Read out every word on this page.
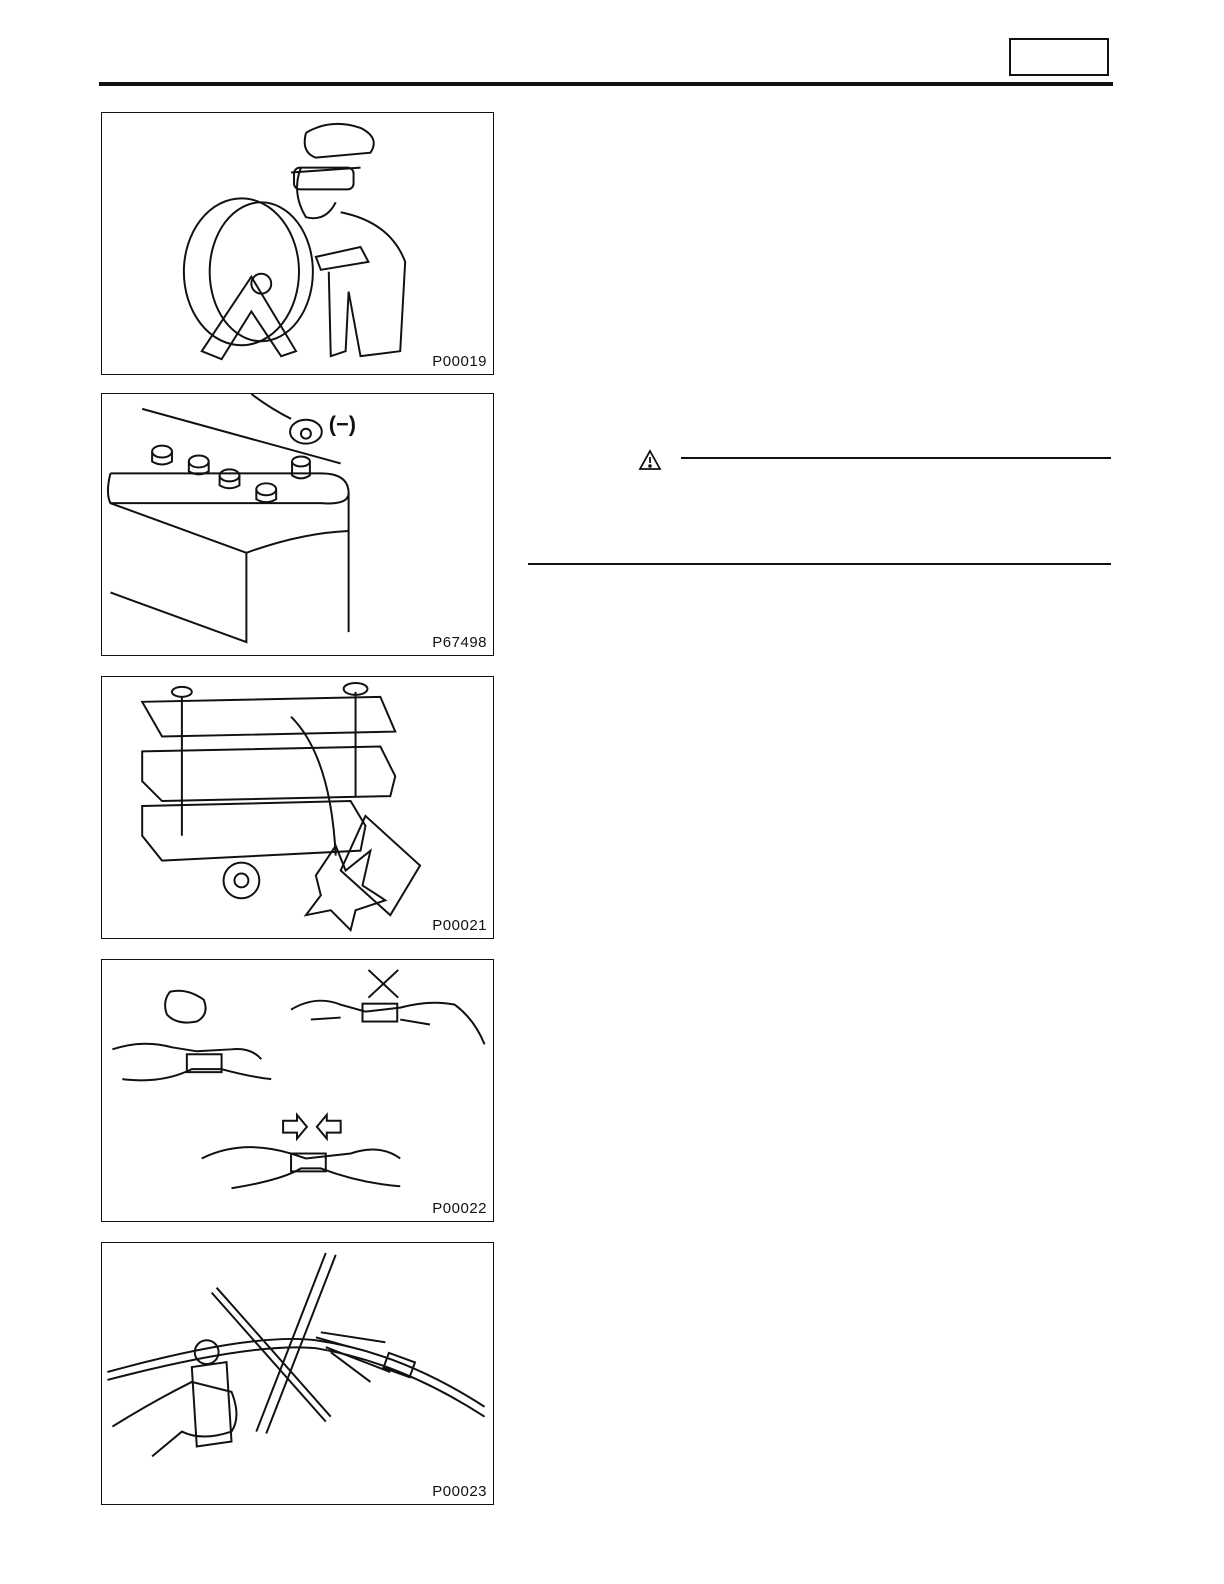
P00019
(−)
P67498
P00021
P00022
P00023
